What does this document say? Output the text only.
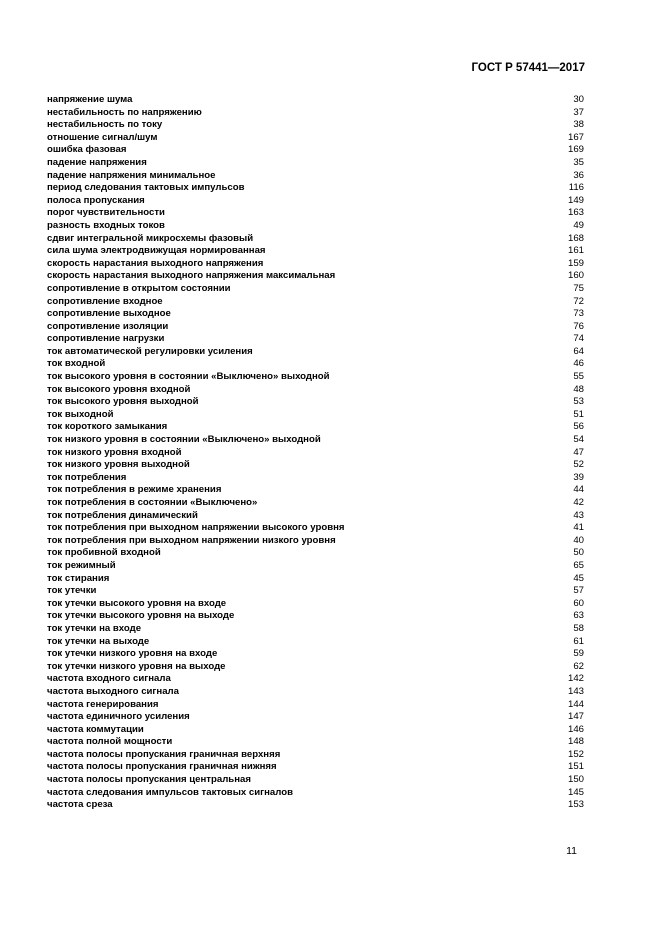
ГОСТ Р 57441—2017
напряжение шума	30
нестабильность по напряжению	37
нестабильность по току	38
отношение сигнал/шум	167
ошибка фазовая	169
падение напряжения	35
падение напряжения минимальное	36
период следования тактовых импульсов	116
полоса пропускания	149
порог чувствительности	163
разность входных токов	49
сдвиг интегральной микросхемы фазовый	168
сила шума электродвижущая нормированная	161
скорость нарастания выходного напряжения	159
скорость нарастания выходного напряжения максимальная	160
сопротивление в открытом состоянии	75
сопротивление входное	72
сопротивление выходное	73
сопротивление изоляции	76
сопротивление нагрузки	74
ток автоматической регулировки усиления	64
ток входной	46
ток высокого уровня в состоянии «Выключено» выходной	55
ток высокого уровня входной	48
ток высокого уровня выходной	53
ток выходной	51
ток короткого замыкания	56
ток низкого уровня в состоянии «Выключено» выходной	54
ток низкого уровня входной	47
ток низкого уровня выходной	52
ток потребления	39
ток потребления в режиме хранения	44
ток потребления в состоянии «Выключено»	42
ток потребления динамический	43
ток потребления при выходном напряжении высокого уровня	41
ток потребления при выходном напряжении низкого уровня	40
ток пробивной входной	50
ток режимный	65
ток стирания	45
ток утечки	57
ток утечки высокого уровня на входе	60
ток утечки высокого уровня на выходе	63
ток утечки на входе	58
ток утечки на выходе	61
ток утечки низкого уровня на входе	59
ток утечки низкого уровня на выходе	62
частота входного сигнала	142
частота выходного сигнала	143
частота генерирования	144
частота единичного усиления	147
частота коммутации	146
частота полной мощности	148
частота полосы пропускания граничная верхняя	152
частота полосы пропускания граничная нижняя	151
частота полосы пропускания центральная	150
частота следования импульсов тактовых сигналов	145
частота среза	153
11
